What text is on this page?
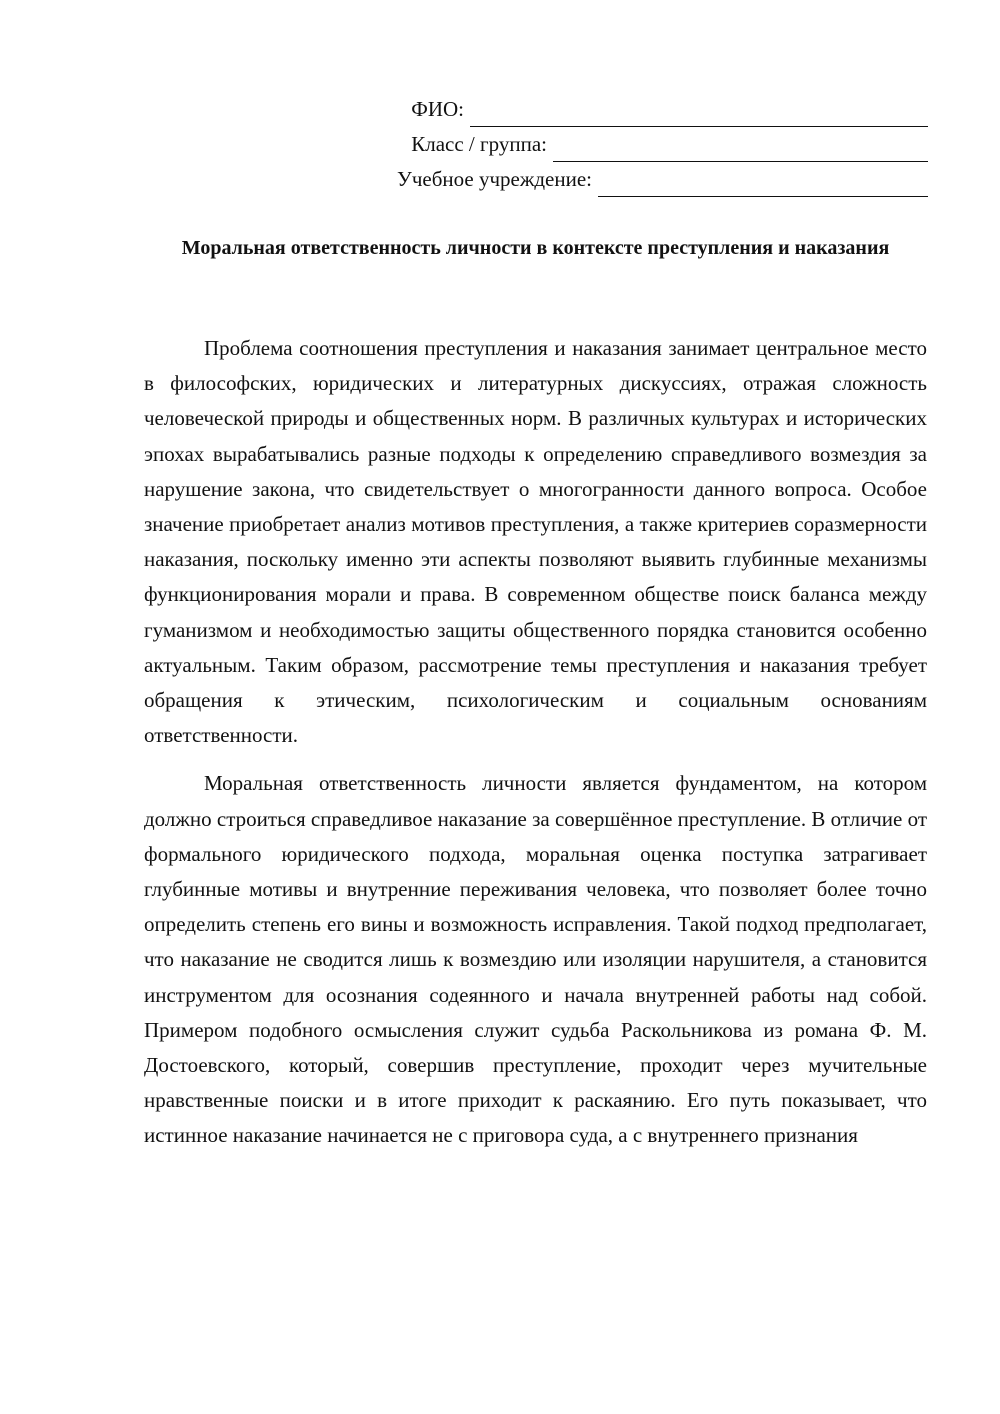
ФИО:
Класс / группа:
Учебное учреждение:
Моральная ответственность личности в контексте преступления и наказания

Проблема соотношения преступления и наказания занимает центральное место в философских, юридических и литературных дискуссиях, отражая сложность человеческой природы и общественных норм. В различных культурах и исторических эпохах вырабатывались разные подходы к определению справедливого возмездия за нарушение закона, что свидетельствует о многогранности данного вопроса. Особое значение приобретает анализ мотивов преступления, а также критериев соразмерности наказания, поскольку именно эти аспекты позволяют выявить глубинные механизмы функционирования морали и права. В современном обществе поиск баланса между гуманизмом и необходимостью защиты общественного порядка становится особенно актуальным. Таким образом, рассмотрение темы преступления и наказания требует обращения к этическим, психологическим и социальным основаниям ответственности.

Моральная ответственность личности является фундаментом, на котором должно строиться справедливое наказание за совершённое преступление. В отличие от формального юридического подхода, моральная оценка поступка затрагивает глубинные мотивы и внутренние переживания человека, что позволяет более точно определить степень его вины и возможность исправления. Такой подход предполагает, что наказание не сводится лишь к возмездию или изоляции нарушителя, а становится инструментом для осознания содеянного и начала внутренней работы над собой. Примером подобного осмысления служит судьба Раскольникова из романа Ф. М. Достоевского, который, совершив преступление, проходит через мучительные нравственные поиски и в итоге приходит к раскаянию. Его путь показывает, что истинное наказание начинается не с приговора суда, а с внутреннего признания
